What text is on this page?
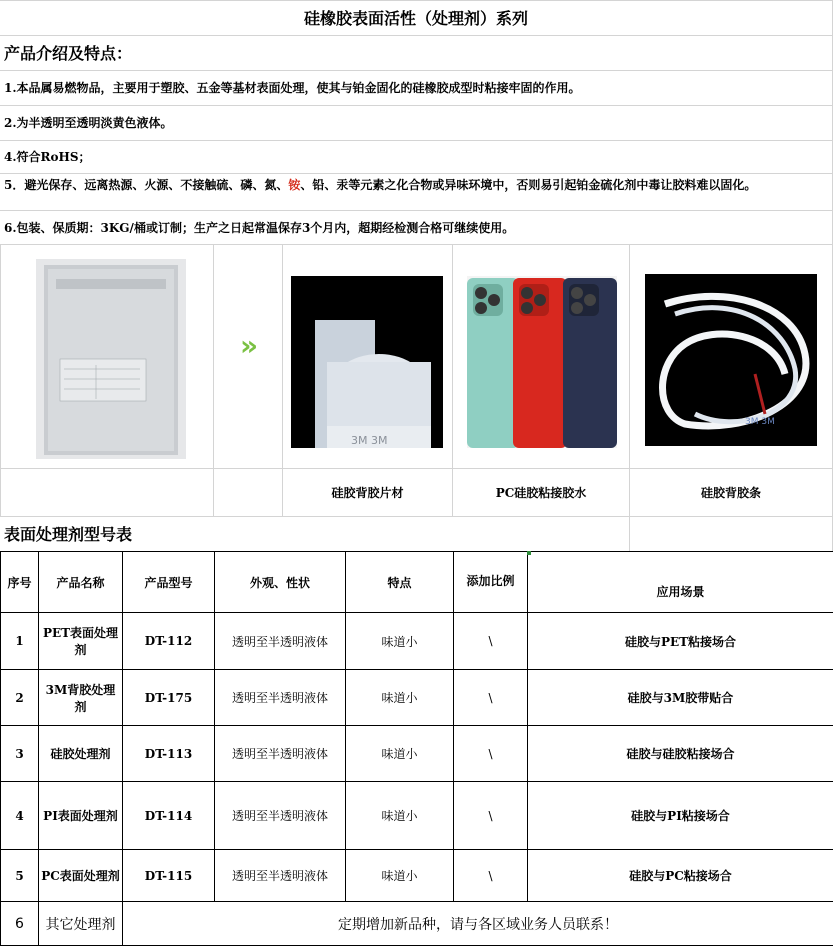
硅橡胶表面活性（处理剂）系列
产品介绍及特点：
1.本品属易燃物品，主要用于塑胶、五金等基材表面处理，使其与铂金固化的硅橡胶成型时粘接牢固的作用。
2.为半透明至透明淡黄色液体。
4.符合RoHS；
5．避光保存、远离热源、火源、不接触硫、磷、氮、铵、铅、汞等元素之化合物或异味环境中，否则易引起铂金硫化剂中毒让胶料难以固化。
6.包装、保质期：3KG/桶或订制；生产之日起常温保存3个月内，超期经检测合格可继续使用。
»
3M 3M
3M 3M
硅胶背胶片材	PC硅胶粘接胶水	硅胶背胶条
表面处理剂型号表
序号	产品名称	产品型号	外观、性状	特点	添加比例	应用场景
1	PET表面处理剂	DT-112	透明至半透明液体	味道小	\	硅胶与PET粘接场合
2	3M背胶处理剂	DT-175	透明至半透明液体	味道小	\	硅胶与3M胶带贴合
3	硅胶处理剂	DT-113	透明至半透明液体	味道小	\	硅胶与硅胶粘接场合
4	PI表面处理剂	DT-114	透明至半透明液体	味道小	\	硅胶与PI粘接场合
5	PC表面处理剂	DT-115	透明至半透明液体	味道小	\	硅胶与PC粘接场合
6	其它处理剂	定期增加新品种，请与各区域业务人员联系！				
